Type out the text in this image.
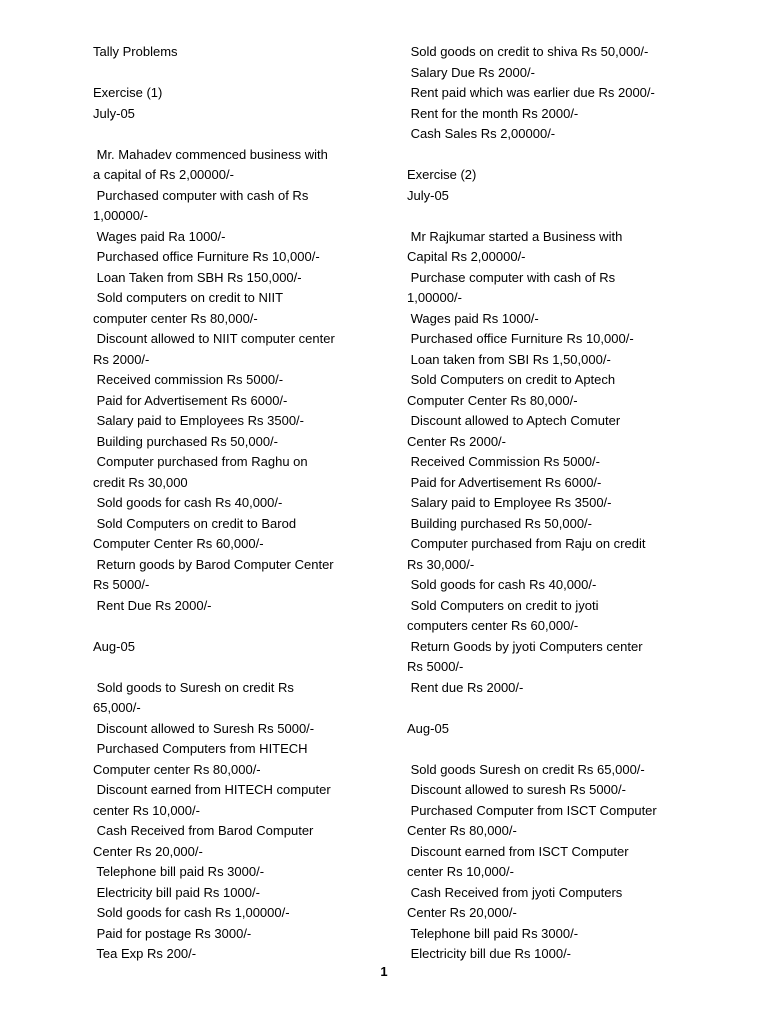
Tally Problems
Exercise (1)
July-05
Mr. Mahadev commenced business with
a capital of Rs 2,00000/-
Purchased computer with cash of Rs
1,00000/-
Wages paid Ra 1000/-
Purchased office Furniture Rs 10,000/-
Loan Taken from SBH Rs 150,000/-
Sold computers on credit to NIIT
computer center Rs 80,000/-
Discount allowed to NIIT computer center
Rs 2000/-
Received commission Rs 5000/-
Paid for Advertisement Rs 6000/-
Salary paid to Employees Rs 3500/-
Building purchased Rs 50,000/-
Computer purchased from Raghu on
credit Rs 30,000
Sold goods for cash Rs 40,000/-
Sold Computers on credit to Barod
Computer Center Rs 60,000/-
Return goods by Barod Computer Center
Rs 5000/-
Rent Due Rs 2000/-
Aug-05
Sold goods to Suresh on credit Rs
65,000/-
Discount allowed to Suresh Rs 5000/-
Purchased Computers from HITECH
Computer center Rs 80,000/-
Discount earned from HITECH computer
center Rs 10,000/-
Cash Received from Barod Computer
Center Rs 20,000/-
Telephone bill paid Rs 3000/-
Electricity bill paid Rs 1000/-
Sold goods for cash Rs 1,00000/-
Paid for postage Rs 3000/-
Tea Exp Rs 200/-
Sold goods on credit to shiva Rs 50,000/-
Salary Due Rs 2000/-
Rent paid which was earlier due Rs 2000/-
Rent for the month Rs 2000/-
Cash Sales Rs 2,00000/-
Exercise (2)
July-05
Mr Rajkumar started a Business with
Capital Rs 2,00000/-
Purchase computer with cash of Rs
1,00000/-
Wages paid Rs 1000/-
Purchased office Furniture Rs 10,000/-
Loan taken from SBI Rs 1,50,000/-
Sold Computers on credit to Aptech
Computer Center Rs 80,000/-
Discount allowed to Aptech Comuter
Center Rs 2000/-
Received Commission Rs 5000/-
Paid for Advertisement Rs 6000/-
Salary paid to Employee Rs 3500/-
Building purchased Rs 50,000/-
Computer purchased from Raju on credit
Rs 30,000/-
Sold goods for cash Rs 40,000/-
Sold Computers on credit to jyoti
computers center Rs 60,000/-
Return Goods by jyoti Computers center
Rs 5000/-
Rent due Rs 2000/-
Aug-05
Sold goods Suresh on credit Rs 65,000/-
Discount allowed to suresh Rs 5000/-
Purchased Computer from ISCT Computer
Center Rs 80,000/-
Discount earned from ISCT Computer
center Rs 10,000/-
Cash Received from jyoti Computers
Center Rs 20,000/-
Telephone bill paid Rs 3000/-
Electricity bill due Rs 1000/-
1
